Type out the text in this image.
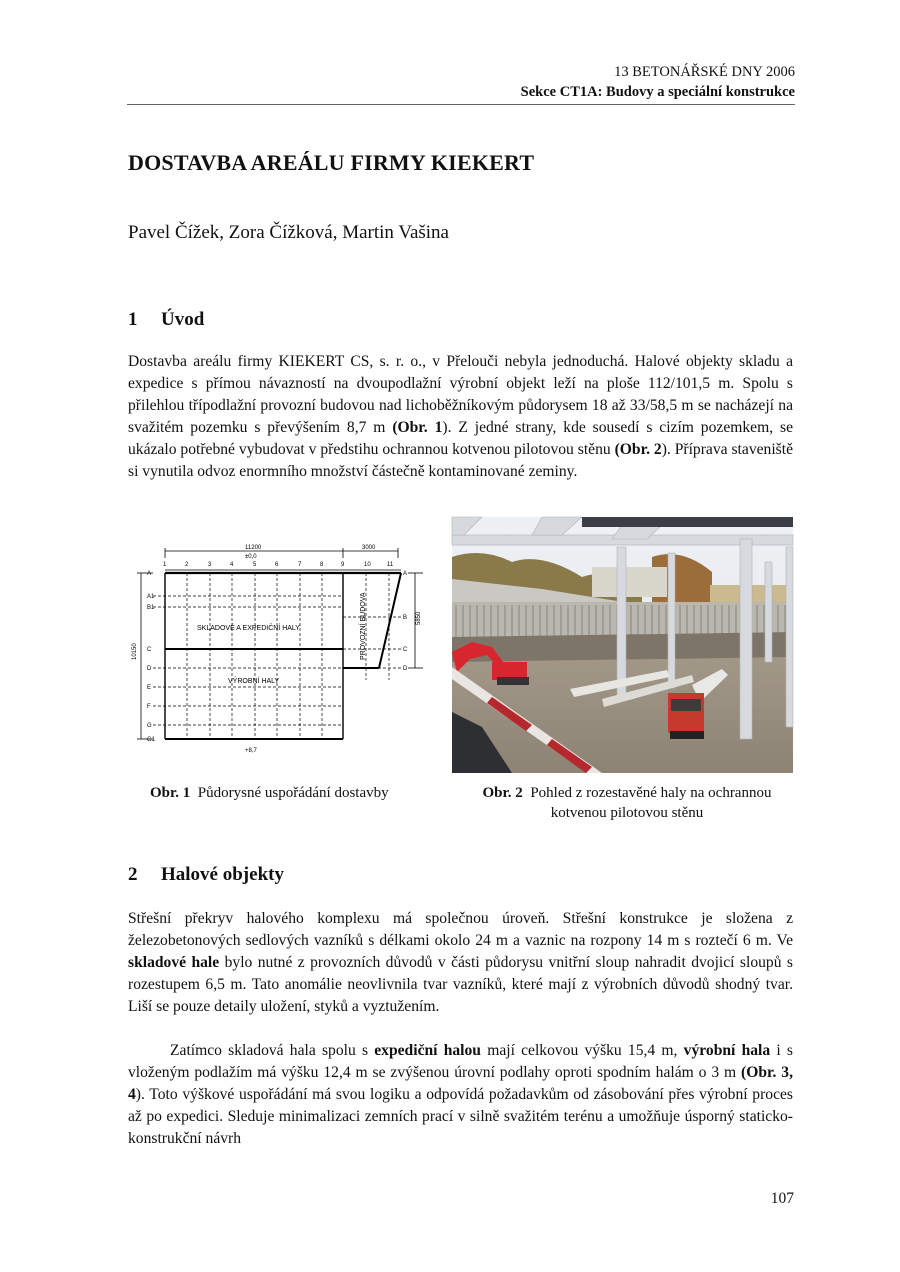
13 BETONÁŘSKÉ DNY 2006
Sekce CT1A: Budovy a speciální konstrukce
DOSTAVBA AREÁLU FIRMY KIEKERT
Pavel Čížek, Zora Čížková, Martin Vašina
1 Úvod
Dostavba areálu firmy KIEKERT CS, s. r. o., v Přelouči nebyla jednoduchá. Halové objekty skladu a expedice s přímou návazností na dvoupodlažní výrobní objekt leží na ploše 112/101,5 m. Spolu s přilehlou třípodlažní provozní budovou nad lichoběžníkovým půdorysem 18 až 33/58,5 m se nacházejí na svažitém pozemku s převýšením 8,7 m (Obr. 1). Z jedné strany, kde sousedí s cizím pozemkem, se ukázalo potřebné vybudovat v předstihu ochrannou kotvenou pilotovou stěnu (Obr. 2). Příprava staveniště si vynutila odvoz enormního množství částečně kontaminované zeminy.
1	2	3	4	5	6	7	8	9	10	11
A
A1
B1
C
D
E
F
G
G1
A
B
C
D
11200	3000
±0,0
+8,7
10150
5850
SKLADOVÉ A EXPEDIČNÍ HALY
VÝROBNÍ HALY
PROVOZNÍ BUDOVA
Obr. 1 Půdorysné uspořádání dostavby	Obr. 2 Pohled z rozestavěné haly na ochrannou kotvenou pilotovou stěnu
2 Halové objekty
Střešní překryv halového komplexu má společnou úroveň. Střešní konstrukce je složena z železobetonových sedlových vazníků s délkami okolo 24 m a vaznic na rozpony 14 m s roztečí 6 m. Ve skladové hale bylo nutné z provozních důvodů v části půdorysu vnitřní sloup nahradit dvojicí sloupů s rozestupem 6,5 m. Tato anomálie neovlivnila tvar vazníků, které mají z výrobních důvodů shodný tvar. Liší se pouze detaily uložení, styků a vyztužením.
Zatímco skladová hala spolu s expediční halou mají celkovou výšku 15,4 m, výrobní hala i s vloženým podlažím má výšku 12,4 m se zvýšenou úrovní podlahy oproti spodním halám o 3 m (Obr. 3, 4). Toto výškové uspořádání má svou logiku a odpovídá požadavkům od zásobování přes výrobní proces až po expedici. Sleduje minimalizaci zemních prací v silně svažitém terénu a umožňuje úsporný staticko-konstrukční návrh
107
